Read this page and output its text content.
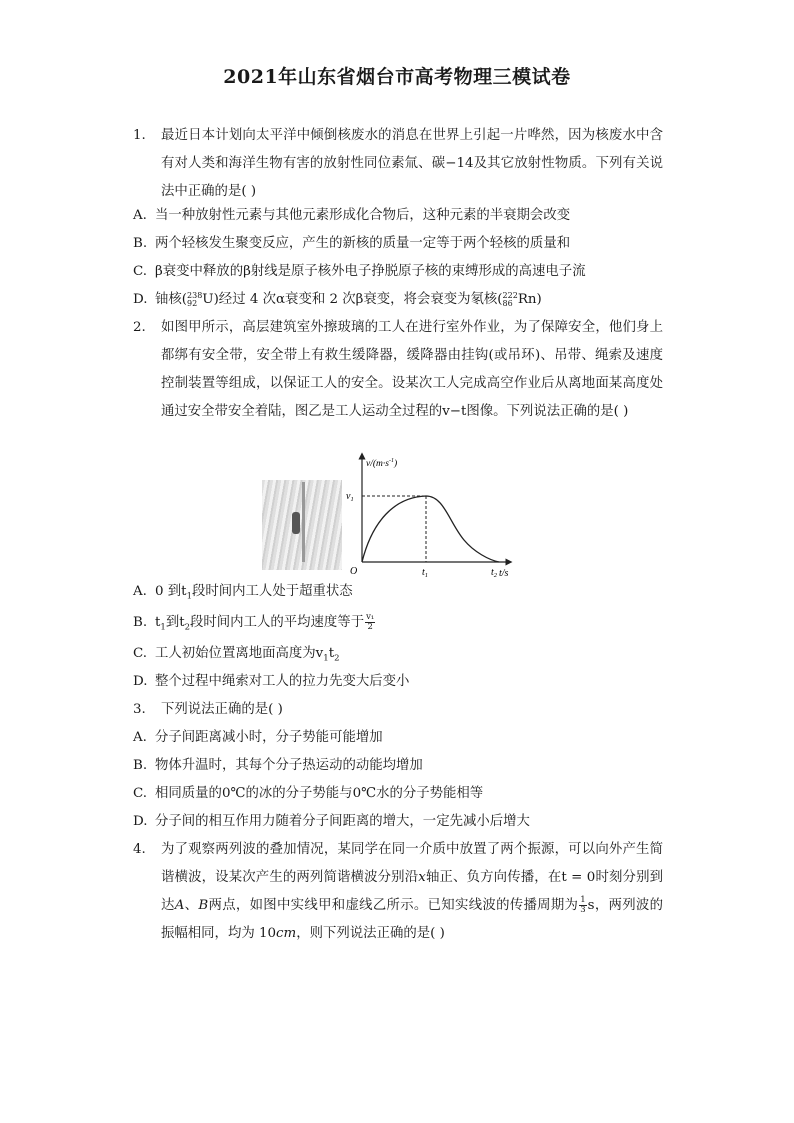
2021年山东省烟台市高考物理三模试卷
1. 最近日本计划向太平洋中倾倒核废水的消息在世界上引起一片哗然，因为核废水中含有对人类和海洋生物有害的放射性同位素氚、碳−14及其它放射性物质。下列有关说法中正确的是( )
A. 当一种放射性元素与其他元素形成化合物后，这种元素的半衰期会改变
B. 两个轻核发生聚变反应，产生的新核的质量一定等于两个轻核的质量和
C. β衰变中释放的β射线是原子核外电子挣脱原子核的束缚形成的高速电子流
D. 铀核( 238
92 U)经过 4 次α衰变和 2 次β衰变，将会衰变为氡核( 222
86 Rn)
2. 如图甲所示，高层建筑室外擦玻璃的工人在进行室外作业，为了保障安全，他们身上都绑有安全带，安全带上有救生缓降器，缓降器由挂钩(或吊环)、吊带、绳索及速度控制装置等组成，以保证工人的安全。设某次工人完成高空作业后从离地面某高度处通过安全带安全着陆，图乙是工人运动全过程的v−t图像。下列说法正确的是( )
$v/(m\cdot s^{-1})$
$v_1$
O	$t_1$	$t_2$ t/s
A. 0 到$t_1$段时间内工人处于超重状态
B. $t_1$到$t_2$段时间内工人的平均速度等于 $\frac{\text{v₁}}{2}$
C. 工人初始位置离地面高度为$v_1t_2$
D. 整个过程中绳索对工人的拉力先变大后变小
3. 下列说法正确的是( )
A. 分子间距离减小时，分子势能可能增加
B. 物体升温时，其每个分子热运动的动能均增加
C. 相同质量的0℃的冰的分子势能与0℃水的分子势能相等
D. 分子间的相互作用力随着分子间距离的增大，一定先减小后增大
4. 为了观察两列波的叠加情况，某同学在同一介质中放置了两个振源，可以向外产生简谐横波，设某次产生的两列简谐横波分别沿x轴正、负方向传播，在t = 0时刻分别到达A、B两点，如图中实线甲和虚线乙所示。已知实线波的传播周期为 $\frac{1}{3}$ s，两列波的振幅相同，均为 10cm，则下列说法正确的是( )
